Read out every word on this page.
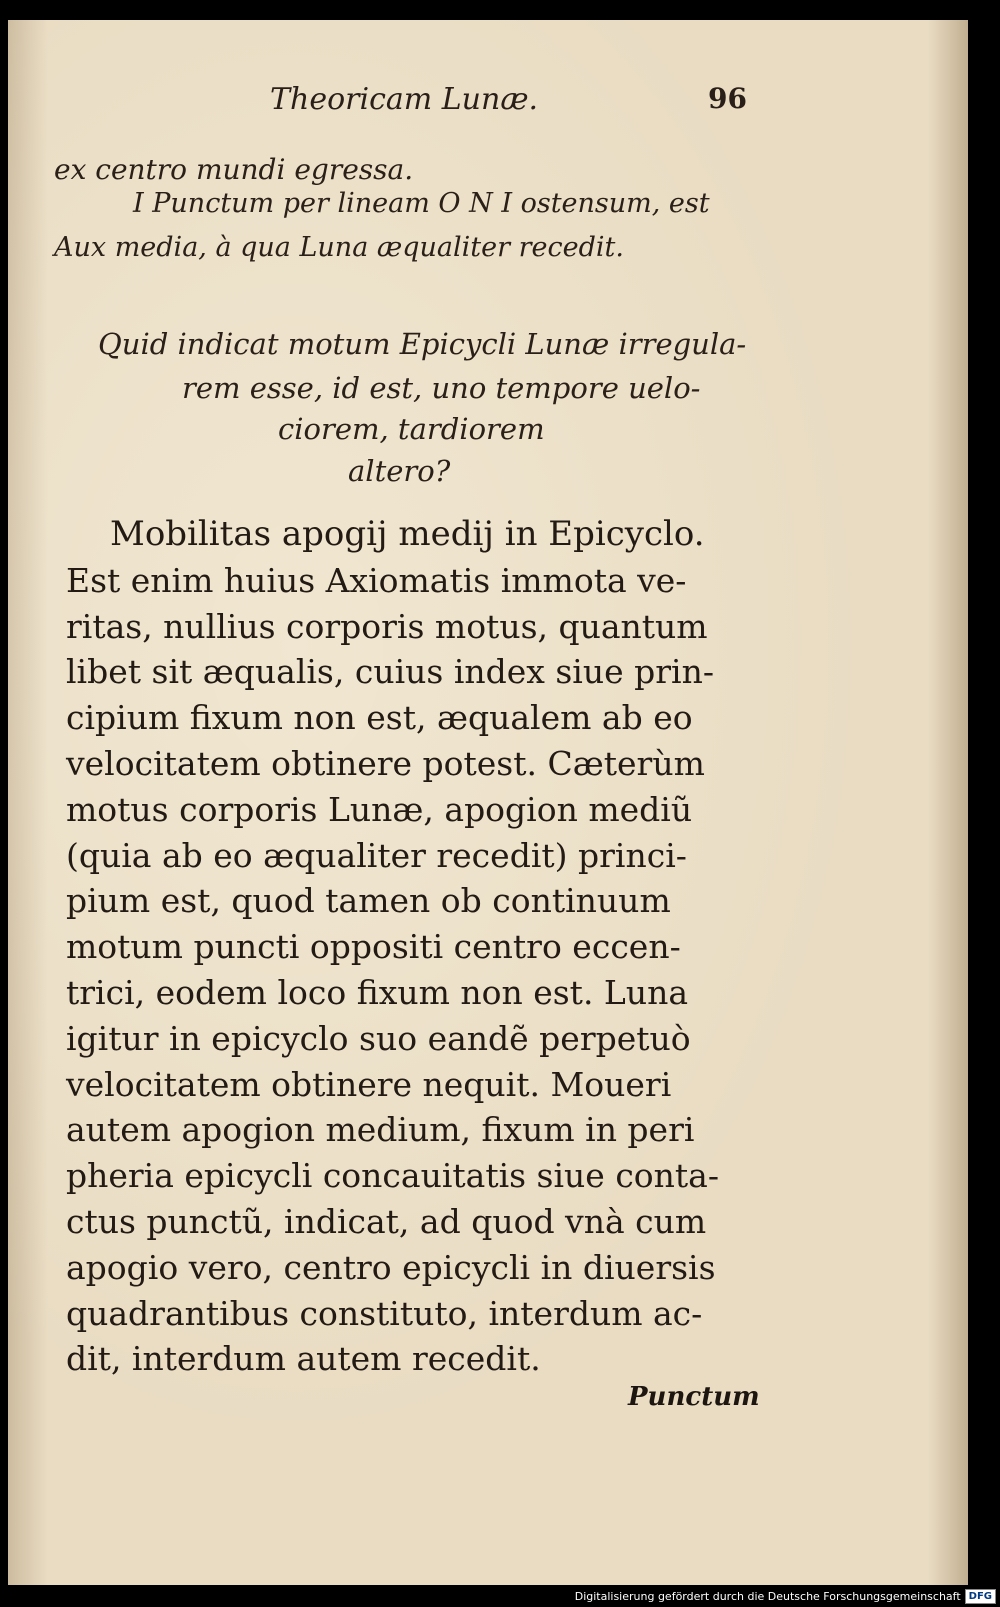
Theoricam Lunæ.	96
ex centro mundi egressa.
I Punctum per lineam O N I ostensum, est
Aux media, à qua Luna æqualiter recedit.
Quid indicat motum Epicycli Lunæ irregula-
rem esse, id est, uno tempore uelo-
ciorem, tardiorem
altero?
Mobilitas apogij medij in Epicyclo.
Est enim huius Axiomatis immota ve-
ritas, nullius corporis motus, quantum
libet sit æqualis, cuius index siue prin-
cipium fixum non est, æqualem ab eo
velocitatem obtinere potest. Cæterùm
motus corporis Lunæ, apogion mediũ
(quia ab eo æqualiter recedit) princi-
pium est, quod tamen ob continuum
motum puncti oppositi centro eccen-
trici, eodem loco fixum non est. Luna
igitur in epicyclo suo eandẽ perpetuò
velocitatem obtinere nequit. Moueri
autem apogion medium, fixum in peri
pheria epicycli concauitatis siue conta-
ctus punctũ, indicat, ad quod vnà cum
apogio vero, centro epicycli in diuersis
quadrantibus constituto, interdum ac-
dit, interdum autem recedit.
Punctum
Digitalisierung gefördert durch die Deutsche Forschungsgemeinschaft DFG
